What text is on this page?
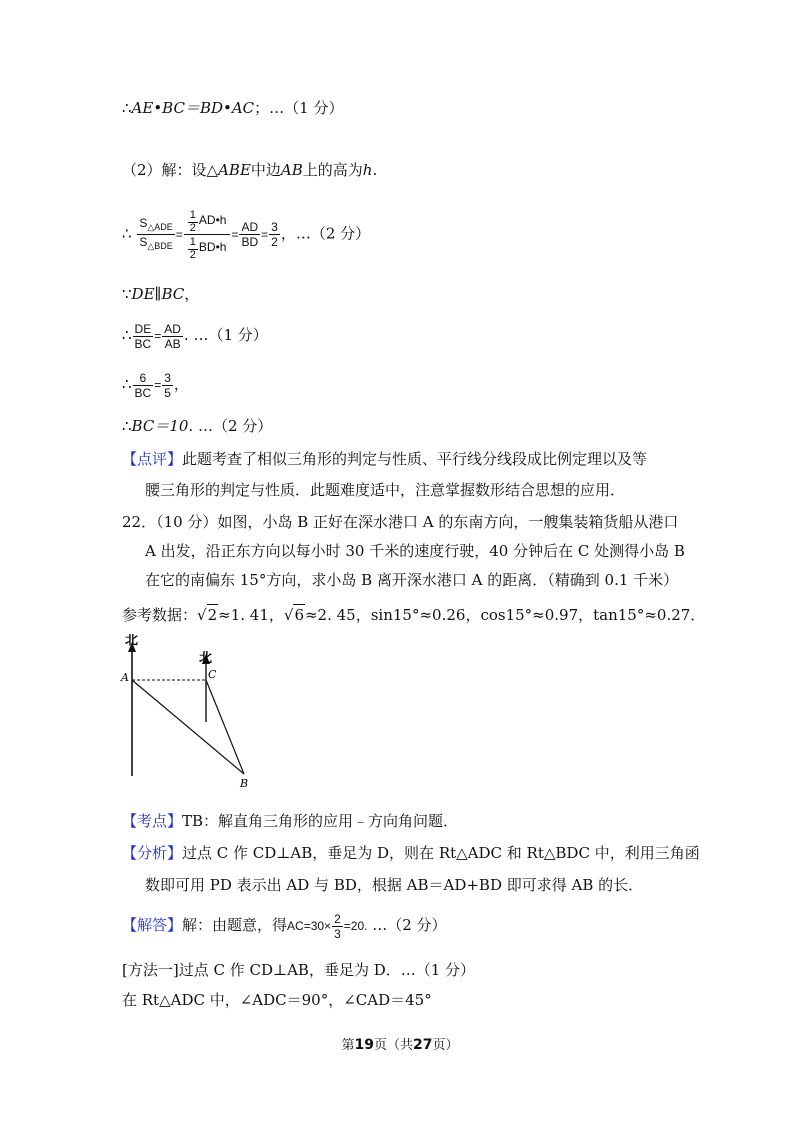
∴AE•BC＝BD•AC；…（1 分）
（2）解：设△ABE中边AB上的高为h.
∴ $\frac{S_{\triangle ADE}}{S_{\triangle BDE}} = \frac{\frac{1}{2} AD•h}{\frac{1}{2} BD•h} = \frac{AD}{BD} = \frac{3}{2}$ ，…（2 分）
∵DE∥BC，
∴ $\frac{DE}{BC} = \frac{AD}{AB}$ . …（1 分）
∴ $\frac{6}{BC} = \frac{3}{5}$ ，
∴BC＝10. …（2 分）
【点评】此题考查了相似三角形的判定与性质、平行线分线段成比例定理以及等
腰三角形的判定与性质．此题难度适中，注意掌握数形结合思想的应用．
22．（10 分）如图，小岛 B 正好在深水港口 A 的东南方向，一艘集装箱货船从港口
A 出发，沿正东方向以每小时 30 千米的速度行驶，40 分钟后在 C 处测得小岛 B
在它的南偏东 15°方向，求小岛 B 离开深水港口 A 的距离．（精确到 0.1 千米）
参考数据：√2≈1. 41，√6≈2. 45，sin15°≈0.26，cos15°≈0.97，tan15°≈0.27．
北
北
A	C
B
【考点】TB：解直角三角形的应用﹣方向角问题．
【分析】过点 C 作 CD⊥AB，垂足为 D，则在 Rt△ADC 和 Rt△BDC 中，利用三角函
数即可用 PD 表示出 AD 与 BD，根据 AB＝AD+BD 即可求得 AB 的长．
【解答】解：由题意，得$AC=30\times \frac{2}{3} =20$. …（2 分）
[方法一]过点 C 作 CD⊥AB，垂足为 D．…（1 分）
在 Rt△ADC 中，∠ADC＝90°，∠CAD＝45°
第19页（共27页）
